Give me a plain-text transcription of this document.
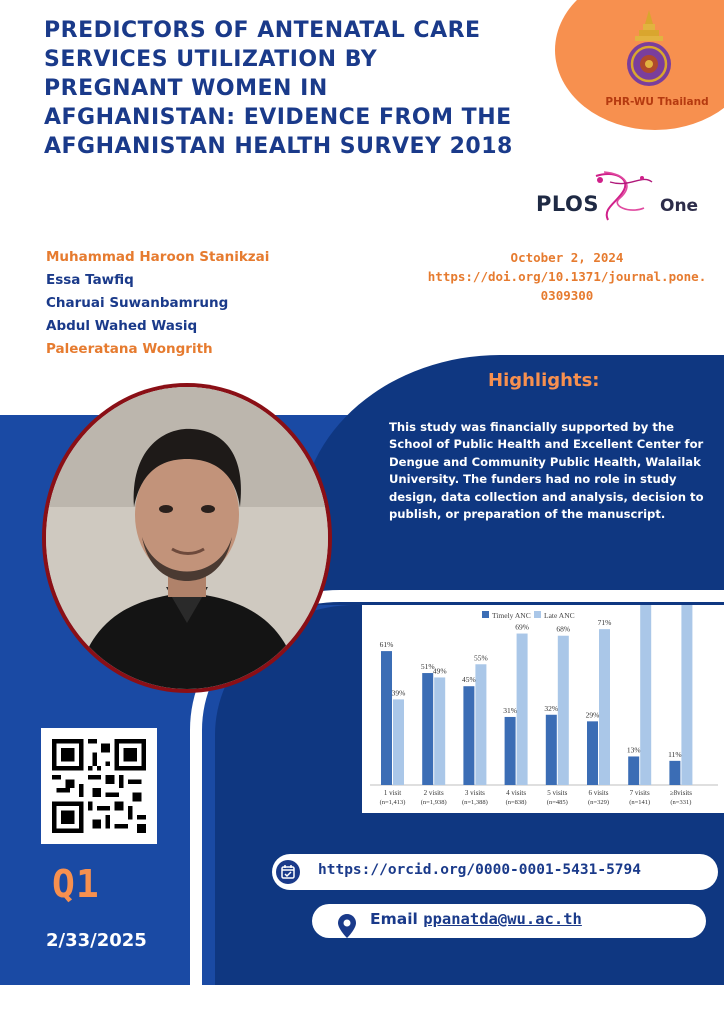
PHR-WU Thailand
PREDICTORS OF ANTENATAL CARE SERVICES UTILIZATION BY PREGNANT WOMEN IN AFGHANISTAN: EVIDENCE FROM THE AFGHANISTAN HEALTH SURVEY 2018
PLOS	One
Muhammad Haroon Stanikzai
Essa Tawfiq
Charuai Suwanbamrung
Abdul Wahed Wasiq
Paleeratana Wongrith
October 2, 2024
https://doi.org/10.1371/journal.pone.
0309300
Highlights:
This study was financially supported by the School of Public Health and Excellent Center for Dengue and Community Public Health, Walailak University. The funders had no role in study design, data collection and analysis, decision to publish, or preparation of the manuscript.
Q1
2/33/2025
Timely ANC Late ANC
61%
39%
1 visit
(n=1,413)
51%
49%
2 visits
(n=1,938)
45%
55%
3 visits
(n=1,388)
31%
69%
4 visits
(n=838)
32%
68%
5 visits
(n=485)
29%
71%
6 visits
(n=329)
13%
7 visits
(n=141)
11%
≥8visits
(n=331)
https://orcid.org/0000-0001-5431-5794
Email ppanatda@wu.ac.th
